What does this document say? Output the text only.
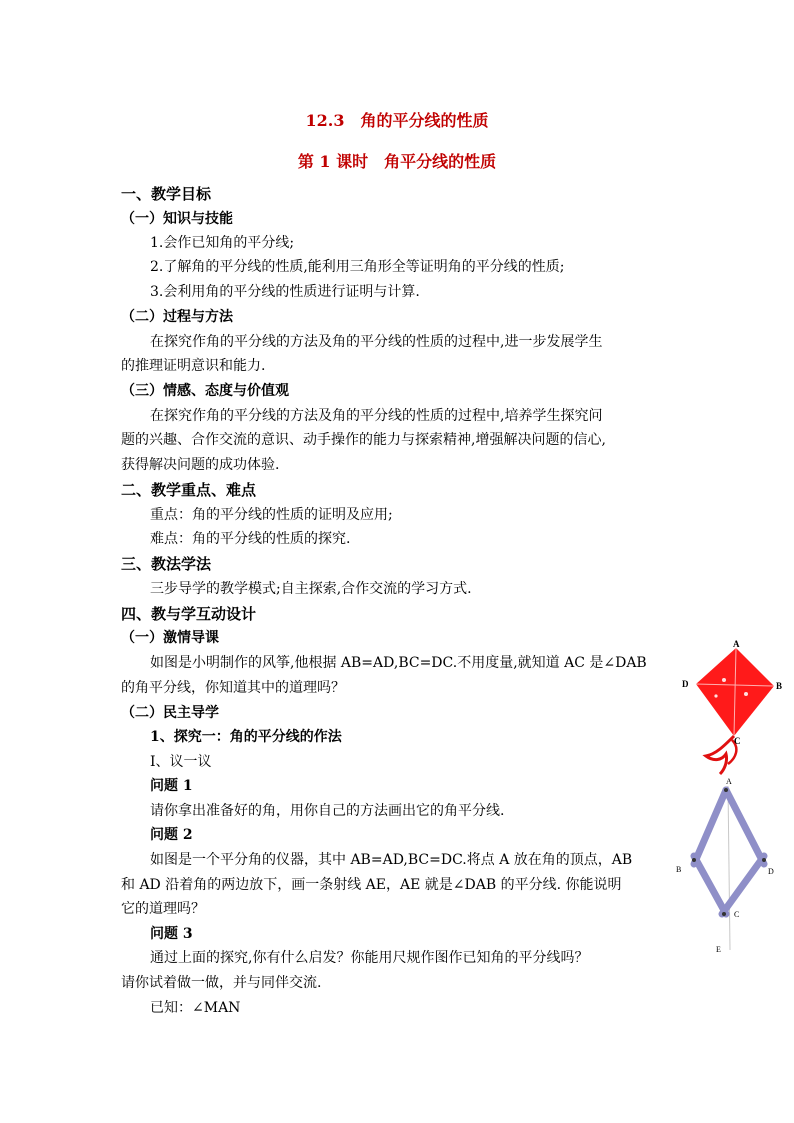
12.3　角的平分线的性质
第 1 课时　角平分线的性质
一、教学目标
（一）知识与技能
1.会作已知角的平分线;
2.了解角的平分线的性质,能利用三角形全等证明角的平分线的性质;
3.会利用角的平分线的性质进行证明与计算.
（二）过程与方法
在探究作角的平分线的方法及角的平分线的性质的过程中,进一步发展学生
的推理证明意识和能力.
（三）情感、态度与价值观
在探究作角的平分线的方法及角的平分线的性质的过程中,培养学生探究问
题的兴趣、合作交流的意识、动手操作的能力与探索精神,增强解决问题的信心,
获得解决问题的成功体验.
二、教学重点、难点
重点：角的平分线的性质的证明及应用;
难点：角的平分线的性质的探究.
三、教法学法
三步导学的教学模式;自主探索,合作交流的学习方式.
四、教与学互动设计
（一）激情导课
如图是小明制作的风筝,他根据 AB=AD,BC=DC.不用度量,就知道 AC 是∠DAB
的角平分线，你知道其中的道理吗？
（二）民主导学
1、探究一：角的平分线的作法
Ⅰ、议一议
问题 1
请你拿出准备好的角，用你自己的方法画出它的角平分线.
问题 2
如图是一个平分角的仪器，其中 AB=AD,BC=DC.将点 A 放在角的顶点，AB
和 AD 沿着角的两边放下，画一条射线 AE，AE 就是∠DAB 的平分线. 你能说明
它的道理吗？
问题 3
通过上面的探究,你有什么启发？你能用尺规作图作已知角的平分线吗？
请你试着做一做，并与同伴交流.
已知：∠MAN
A
B
C
D
A
B
C
D
E
